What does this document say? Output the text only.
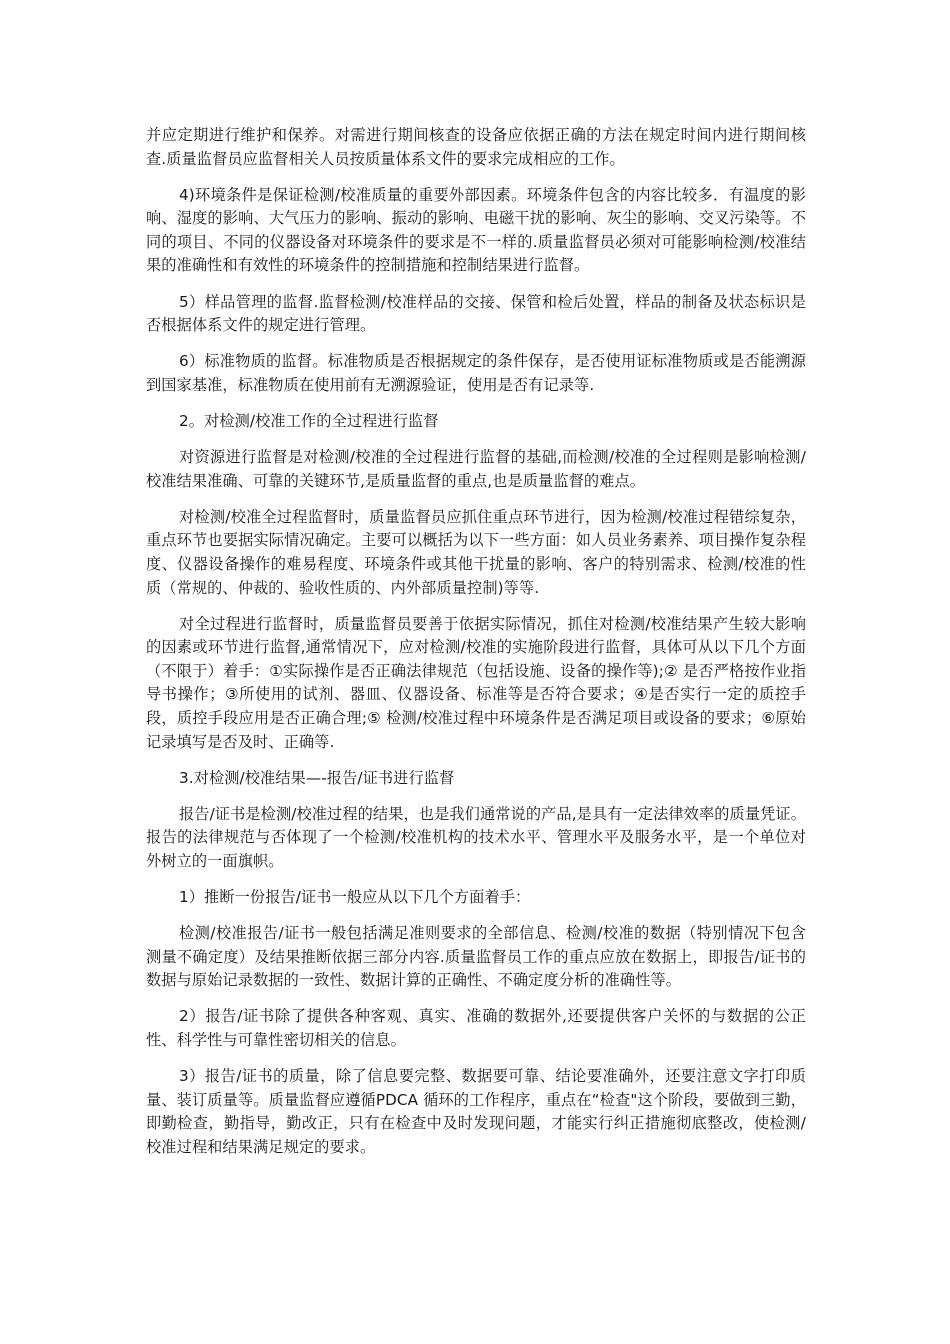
并应定期进行维护和保养。对需进行期间核查的设备应依据正确的方法在规定时间内进行期间核查.质量监督员应监督相关人员按质量体系文件的要求完成相应的工作。

4)环境条件是保证检测/校准质量的重要外部因素。环境条件包含的内容比较多．有温度的影响、湿度的影响、大气压力的影响、振动的影响、电磁干扰的影响、灰尘的影响、交叉污染等。不同的项目、不同的仪器设备对环境条件的要求是不一样的.质量监督员必须对可能影响检测/校准结果的准确性和有效性的环境条件的控制措施和控制结果进行监督。

5）样品管理的监督.监督检测/校准样品的交接、保管和检后处置，样品的制备及状态标识是否根据体系文件的规定进行管理。

6）标准物质的监督。标准物质是否根据规定的条件保存，是否使用证标准物质或是否能溯源到国家基准，标准物质在使用前有无溯源验证，使用是否有记录等.

2。对检测/校准工作的全过程进行监督

对资源进行监督是对检测/校准的全过程进行监督的基础,而检测/校准的全过程则是影响检测/校准结果准确、可靠的关键环节,是质量监督的重点,也是质量监督的难点。

对检测/校准全过程监督时，质量监督员应抓住重点环节进行，因为检测/校准过程错综复杂，重点环节也要据实际情况确定。主要可以概括为以下一些方面：如人员业务素养、项目操作复杂程度、仪器设备操作的难易程度、环境条件或其他干扰量的影响、客户的特别需求、检测/校准的性质（常规的、仲裁的、验收性质的、内外部质量控制)等等.

对全过程进行监督时，质量监督员要善于依据实际情况，抓住对检测/校准结果产生较大影响的因素或环节进行监督,通常情况下，应对检测/校准的实施阶段进行监督，具体可从以下几个方面（不限于）着手：①实际操作是否正确法律规范（包括设施、设备的操作等);② 是否严格按作业指导书操作；③所使用的试剂、器皿、仪器设备、标准等是否符合要求；④是否实行一定的质控手段，质控手段应用是否正确合理;⑤ 检测/校准过程中环境条件是否满足项目或设备的要求；⑥原始记录填写是否及时、正确等.

3.对检测/校准结果—-报告/证书进行监督

报告/证书是检测/校准过程的结果，也是我们通常说的产品,是具有一定法律效率的质量凭证。报告的法律规范与否体现了一个检测/校准机构的技术水平、管理水平及服务水平，是一个单位对外树立的一面旗帜。

1）推断一份报告/证书一般应从以下几个方面着手：

检测/校准报告/证书一般包括满足准则要求的全部信息、检测/校准的数据（特别情况下包含测量不确定度）及结果推断依据三部分内容.质量监督员工作的重点应放在数据上，即报告/证书的数据与原始记录数据的一致性、数据计算的正确性、不确定度分析的准确性等。

2）报告/证书除了提供各种客观、真实、准确的数据外,还要提供客户关怀的与数据的公正性、科学性与可靠性密切相关的信息。

3）报告/证书的质量，除了信息要完整、数据要可靠、结论要准确外，还要注意文字打印质量、装订质量等。质量监督应遵循PDCA 循环的工作程序，重点在“检查"这个阶段，要做到三勤，即勤检查，勤指导，勤改正，只有在检查中及时发现问题，才能实行纠正措施彻底整改，使检测/校准过程和结果满足规定的要求。
